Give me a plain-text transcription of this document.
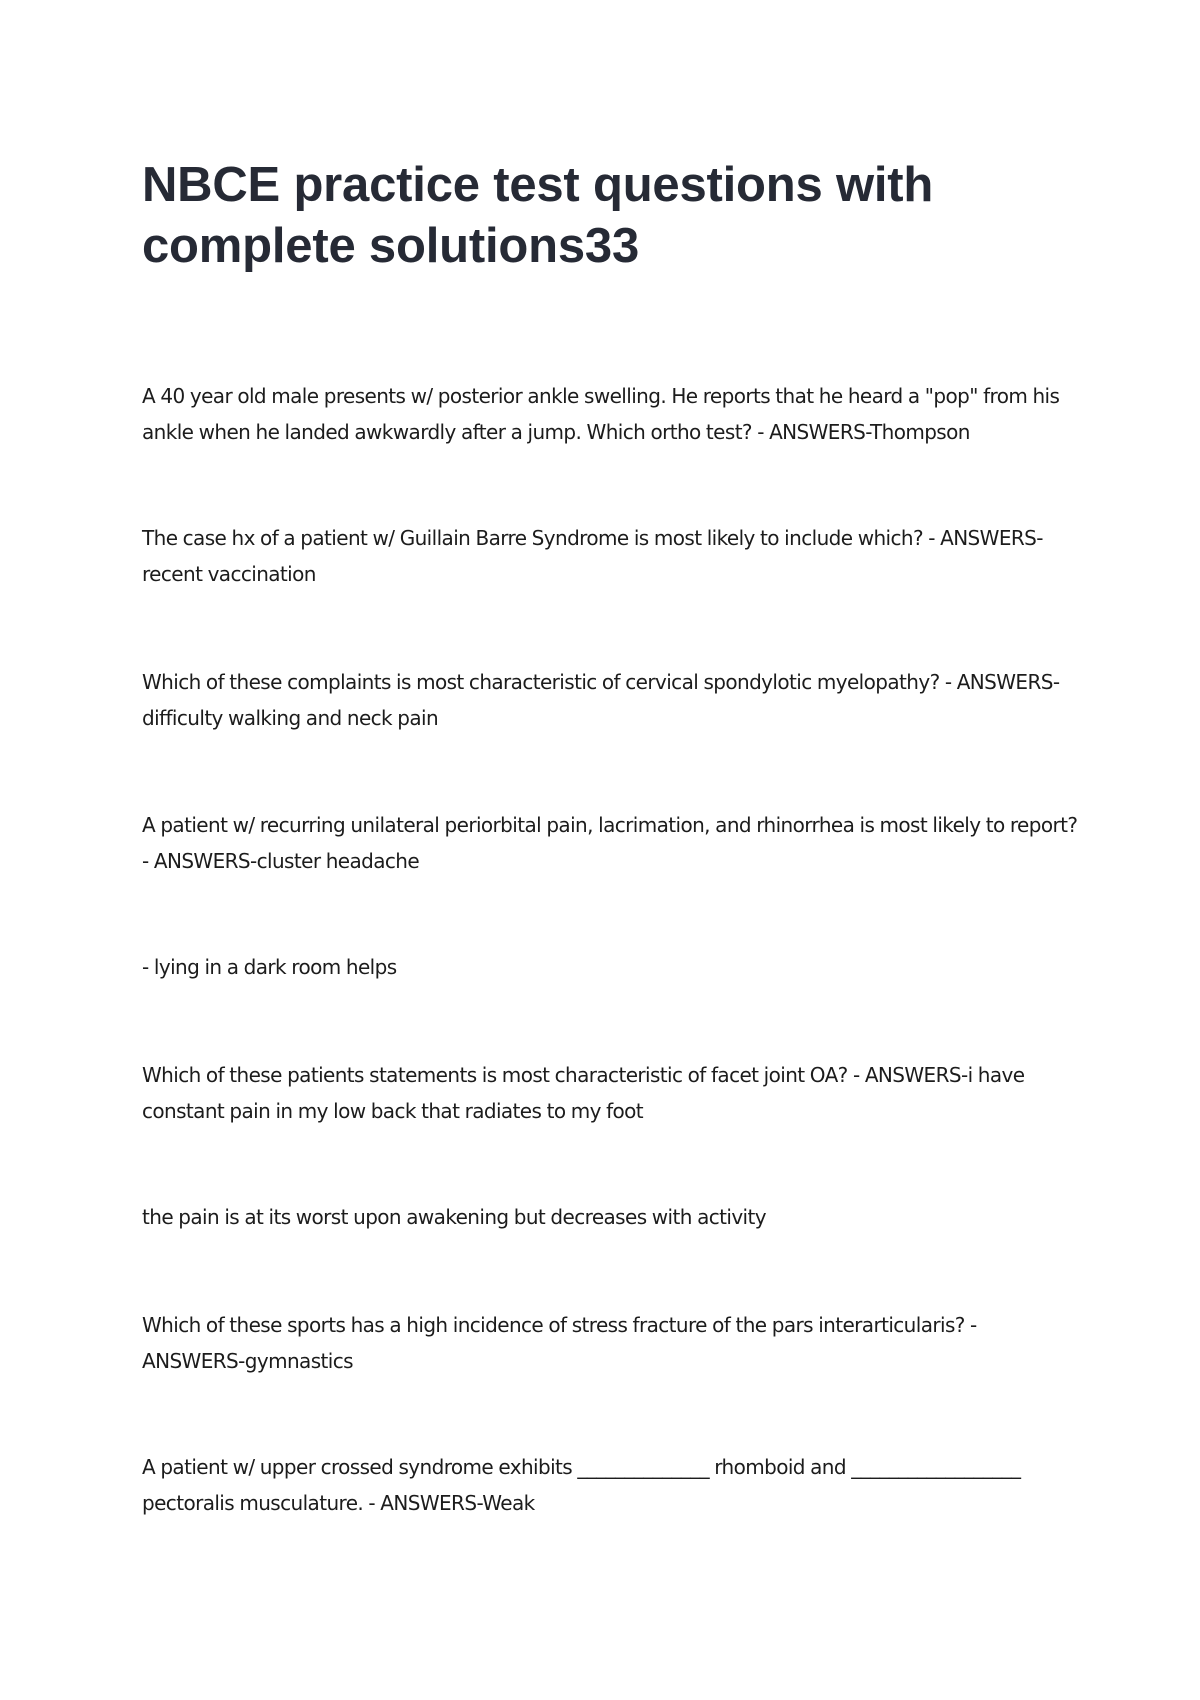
NBCE practice test questions with complete solutions33

A 40 year old male presents w/ posterior ankle swelling. He reports that he heard a "pop" from his ankle when he landed awkwardly after a jump. Which ortho test? - ANSWERS-Thompson

The case hx of a patient w/ Guillain Barre Syndrome is most likely to include which? - ANSWERS-recent vaccination

Which of these complaints is most characteristic of cervical spondylotic myelopathy? - ANSWERS-difficulty walking and neck pain

A patient w/ recurring unilateral periorbital pain, lacrimation, and rhinorrhea is most likely to report? - ANSWERS-cluster headache

- lying in a dark room helps

Which of these patients statements is most characteristic of facet joint OA? - ANSWERS-i have constant pain in my low back that radiates to my foot

the pain is at its worst upon awakening but decreases with activity

Which of these sports has a high incidence of stress fracture of the pars interarticularis? - ANSWERS-gymnastics

A patient w/ upper crossed syndrome exhibits ______________ rhomboid and __________________ pectoralis musculature. - ANSWERS-Weak
